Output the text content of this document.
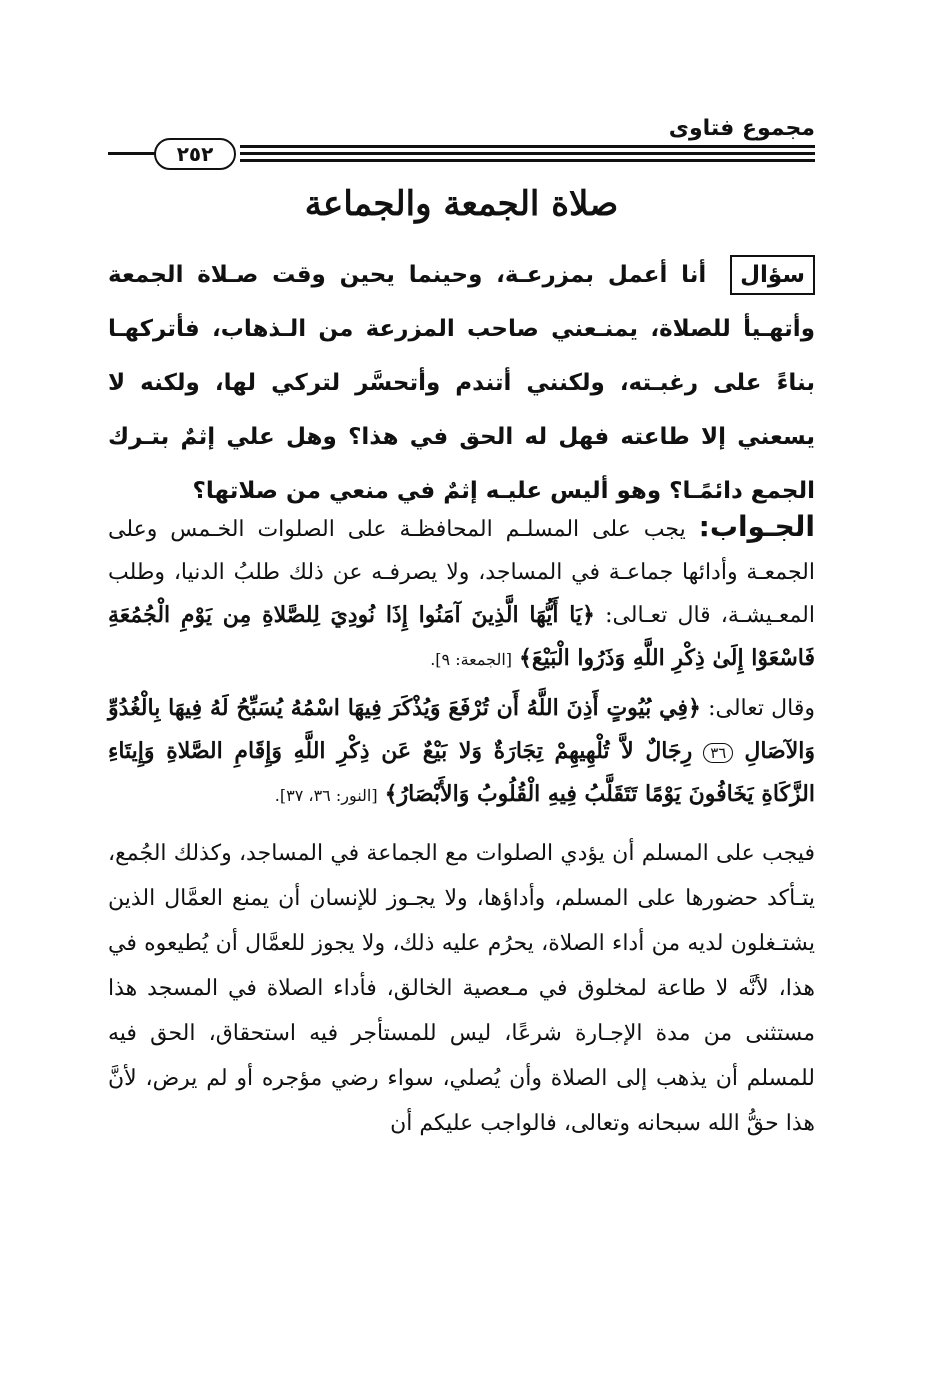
مجموع فتاوى
٢٥٢
صلاة الجمعة والجماعة
سؤال أنا أعمل بمزرعـة، وحينما يحين وقت صـلاة الجمعة وأتهـيأ للصلاة، يمنـعني صاحب المزرعة من الـذهاب، فأتركهـا بناءً على رغبـته، ولكنني أتندم وأتحسَّر لتركي لها، ولكنه لا يسعني إلا طاعته فهل له الحق في هذا؟ وهل علي إثمٌ بتـرك الجمع دائمًـا؟ وهو أليس عليـه إثمٌ في منعي من صلاتها؟

الجـواب: يجب على المسلـم المحافظـة على الصلوات الخـمس وعلى الجمعـة وأدائها جماعـة في المساجد، ولا يصرفـه عن ذلك طلبُ الدنيا، وطلب المعـيشـة، قال تعـالى: ﴿يَا أَيُّهَا الَّذِينَ آمَنُوا إِذَا نُودِيَ لِلصَّلاةِ مِن يَوْمِ الْجُمُعَةِ فَاسْعَوْا إِلَىٰ ذِكْرِ اللَّهِ وَذَرُوا الْبَيْعَ﴾ [الجمعة: ٩].

وقال تعالى: ﴿فِي بُيُوتٍ أَذِنَ اللَّهُ أَن تُرْفَعَ وَيُذْكَرَ فِيهَا اسْمُهُ يُسَبِّحُ لَهُ فِيهَا بِالْغُدُوِّ وَالآصَالِ ٣٦ رِجَالٌ لاَّ تُلْهِيهِمْ تِجَارَةٌ وَلا بَيْعٌ عَن ذِكْرِ اللَّهِ وَإِقَامِ الصَّلاةِ وَإِيتَاءِ الزَّكَاةِ يَخَافُونَ يَوْمًا تَتَقَلَّبُ فِيهِ الْقُلُوبُ وَالأَبْصَارُ﴾ [النور: ٣٦، ٣٧].

فيجب على المسلم أن يؤدي الصلوات مع الجماعة في المساجد، وكذلك الجُمع، يتـأكد حضورها على المسلم، وأداؤها، ولا يجـوز للإنسان أن يمنع العمَّال الذين يشتـغلون لديه من أداء الصلاة، يحرُم عليه ذلك، ولا يجوز للعمَّال أن يُطيعوه في هذا، لأنَّه لا طاعة لمخلوق في مـعصية الخالق، فأداء الصلاة في المسجد هذا مستثنى من مدة الإجـارة شرعًا، ليس للمستأجر فيه استحقاق، الحق فيه للمسلم أن يذهب إلى الصلاة وأن يُصلي، سواء رضي مؤجره أو لم يرض، لأنَّ هذا حقُّ الله سبحانه وتعالى، فالواجب عليكم أن
